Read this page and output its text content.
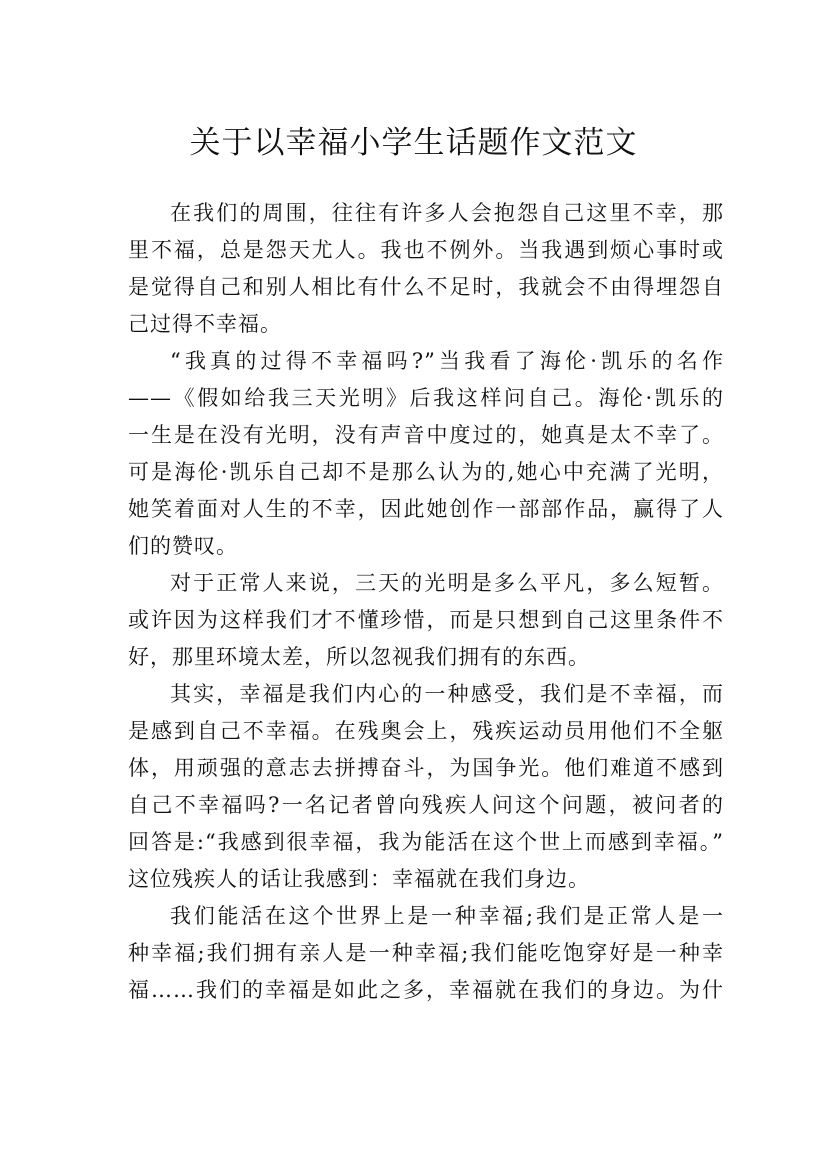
关于以幸福小学生话题作文范文
在我们的周围，往往有许多人会抱怨自己这里不幸，那
里不福，总是怨天尤人。我也不例外。当我遇到烦心事时或
是觉得自己和别人相比有什么不足时，我就会不由得埋怨自
己过得不幸福。
“我真的过得不幸福吗?”当我看了海伦·凯乐的名作
——《假如给我三天光明》后我这样问自己。海伦·凯乐的
一生是在没有光明，没有声音中度过的，她真是太不幸了。
可是海伦·凯乐自己却不是那么认为的,她心中充满了光明，
她笑着面对人生的不幸，因此她创作一部部作品，赢得了人
们的赞叹。
对于正常人来说，三天的光明是多么平凡，多么短暂。
或许因为这样我们才不懂珍惜，而是只想到自己这里条件不
好，那里环境太差，所以忽视我们拥有的东西。
其实，幸福是我们内心的一种感受，我们是不幸福，而
是感到自己不幸福。在残奥会上，残疾运动员用他们不全躯
体，用顽强的意志去拼搏奋斗，为国争光。他们难道不感到
自己不幸福吗?一名记者曾向残疾人问这个问题，被问者的
回答是:“我感到很幸福，我为能活在这个世上而感到幸福。”
这位残疾人的话让我感到：幸福就在我们身边。
我们能活在这个世界上是一种幸福;我们是正常人是一
种幸福;我们拥有亲人是一种幸福;我们能吃饱穿好是一种幸
福……我们的幸福是如此之多，幸福就在我们的身边。为什
